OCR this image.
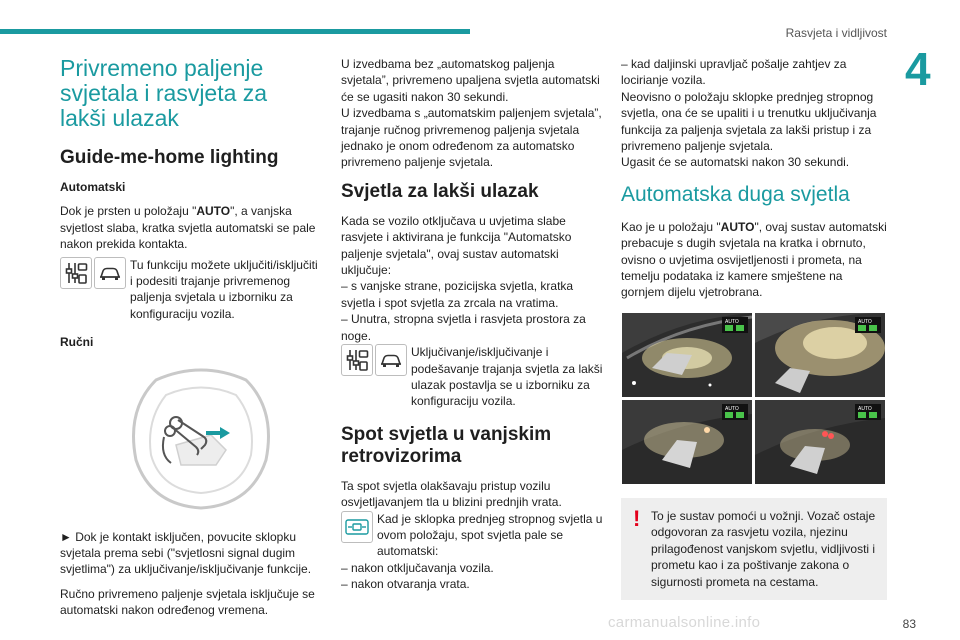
Rasvjeta i vidljivost
4
Privremeno paljenje svjetala i rasvjeta za lakši ulazak
Guide-me-home lighting
Automatski

Dok je prsten u položaju "AUTO", a vanjska svjetlost slaba, kratka svjetla automatski se pale nakon prekida kontakta.

Tu funkciju možete uključiti/isključiti i podesiti trajanje privremenog paljenja svjetala u izborniku za konfiguraciju vozila.

Ručni

► Dok je kontakt isključen, povucite sklopku svjetala prema sebi ("svjetlosni signal dugim svjetlima") za uključivanje/isključivanje funkcije.

Ručno privremeno paljenje svjetala isključuje se automatski nakon određenog vremena.

U izvedbama bez „automatskog paljenja svjetala”, privremeno upaljena svjetla automatski će se ugasiti nakon 30 sekundi.

U izvedbama s „automatskim paljenjem svjetala”, trajanje ručnog privremenog paljenja svjetala jednako je onom određenom za automatsko privremeno paljenje svjetala.

Svjetla za lakši ulazak

Kada se vozilo otključava u uvjetima slabe rasvjete i aktivirana je funkcija "Automatsko paljenje svjetala", ovaj sustav automatski uključuje:

– s vanjske strane, pozicijska svjetla, kratka svjetla i spot svjetla za zrcala na vratima.

– Unutra, stropna svjetla i rasvjeta prostora za noge.

Uključivanje/isključivanje i podešavanje trajanja svjetla za lakši ulazak postavlja se u izborniku za konfiguraciju vozila.

Spot svjetla u vanjskim retrovizorima

Ta spot svjetla olakšavaju pristup vozilu osvjetljavanjem tla u blizini prednjih vrata.

Kad je sklopka prednjeg stropnog svjetla u ovom položaju, spot svjetla pale se automatski:

– nakon otključavanja vozila.

– nakon otvaranja vrata.

– kad daljinski upravljač pošalje zahtjev za locirianje vozila.

Neovisno o položaju sklopke prednjeg stropnog svjetla, ona će se upaliti i u trenutku uključivanja funkcija za paljenja svjetala za lakši pristup i za privremeno paljenje svjetala.

Ugasit će se automatski nakon 30 sekundi.

Automatska duga svjetla

Kao je u položaju "AUTO", ovaj sustav automatski prebacuje s dugih svjetala na kratka i obrnuto, ovisno o uvjetima osvijetljenosti i prometa, na temelju podataka iz kamere smještene na gornjem dijelu vjetrobrana.

AUTO	AUTO
AUTO	AUTO
! To je sustav pomoći u vožnji. Vozač ostaje odgovoran za rasvjetu vozila, njezinu prilagođenost vanjskom svjetlu, vidljivosti i prometu kao i za poštivanje zakona o sigurnosti prometa na cestama.

carmanualsonline.info	83
